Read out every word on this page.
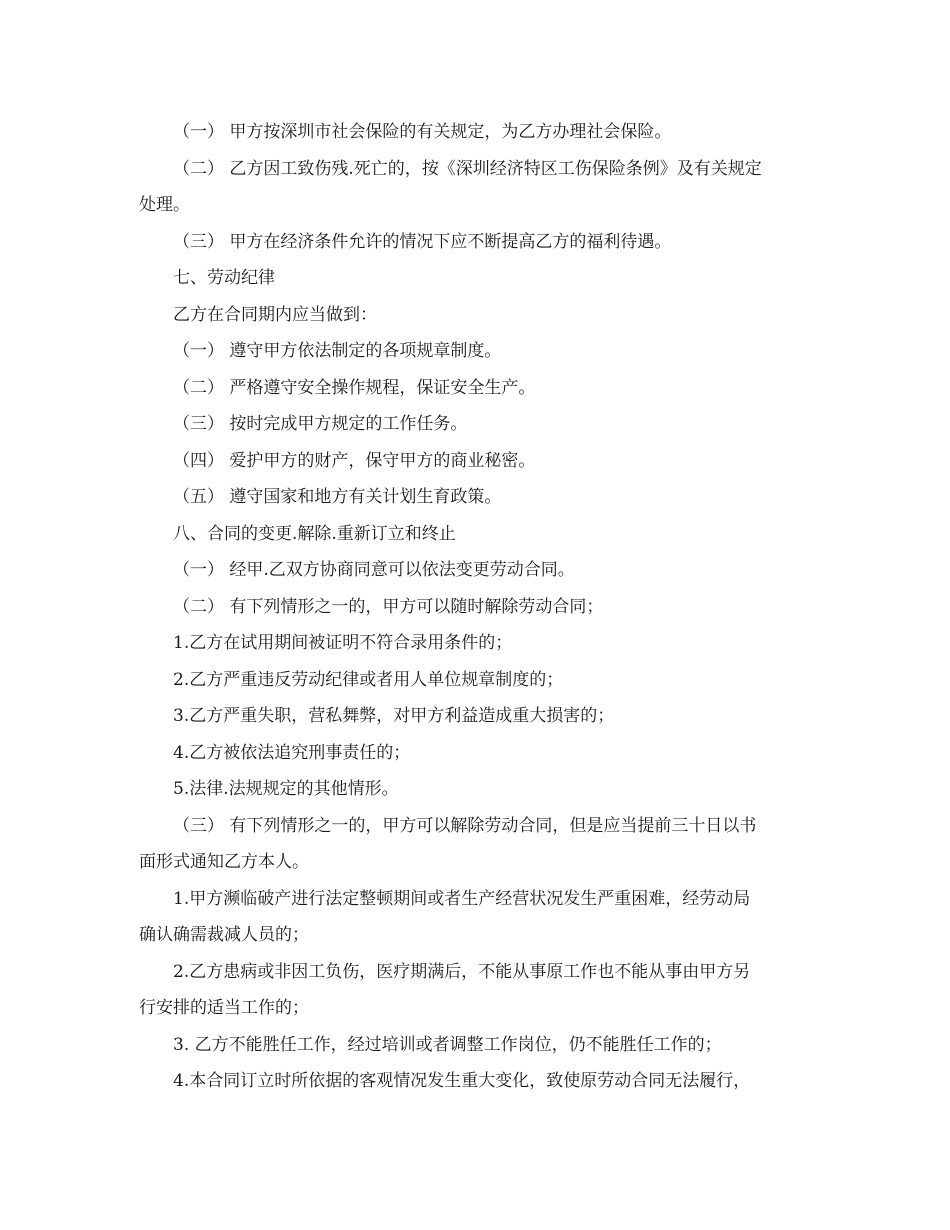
（一） 甲方按深圳市社会保险的有关规定，为乙方办理社会保险。
（二） 乙方因工致伤残.死亡的，按《深圳经济特区工伤保险条例》及有关规定
处理。
（三） 甲方在经济条件允许的情况下应不断提高乙方的福利待遇。
七、劳动纪律
乙方在合同期内应当做到：
（一） 遵守甲方依法制定的各项规章制度。
（二） 严格遵守安全操作规程，保证安全生产。
（三） 按时完成甲方规定的工作任务。
（四） 爱护甲方的财产，保守甲方的商业秘密。
（五） 遵守国家和地方有关计划生育政策。
八、合同的变更.解除.重新订立和终止
（一） 经甲.乙双方协商同意可以依法变更劳动合同。
（二） 有下列情形之一的，甲方可以随时解除劳动合同；
1.乙方在试用期间被证明不符合录用条件的；
2.乙方严重违反劳动纪律或者用人单位规章制度的；
3.乙方严重失职，营私舞弊，对甲方利益造成重大损害的；
4.乙方被依法追究刑事责任的；
5.法律.法规规定的其他情形。
（三） 有下列情形之一的，甲方可以解除劳动合同，但是应当提前三十日以书
面形式通知乙方本人。
1.甲方濒临破产进行法定整顿期间或者生产经营状况发生严重困难，经劳动局
确认确需裁减人员的；
2.乙方患病或非因工负伤，医疗期满后，不能从事原工作也不能从事由甲方另
行安排的适当工作的；
3. 乙方不能胜任工作，经过培训或者调整工作岗位，仍不能胜任工作的；
4.本合同订立时所依据的客观情况发生重大变化，致使原劳动合同无法履行，
